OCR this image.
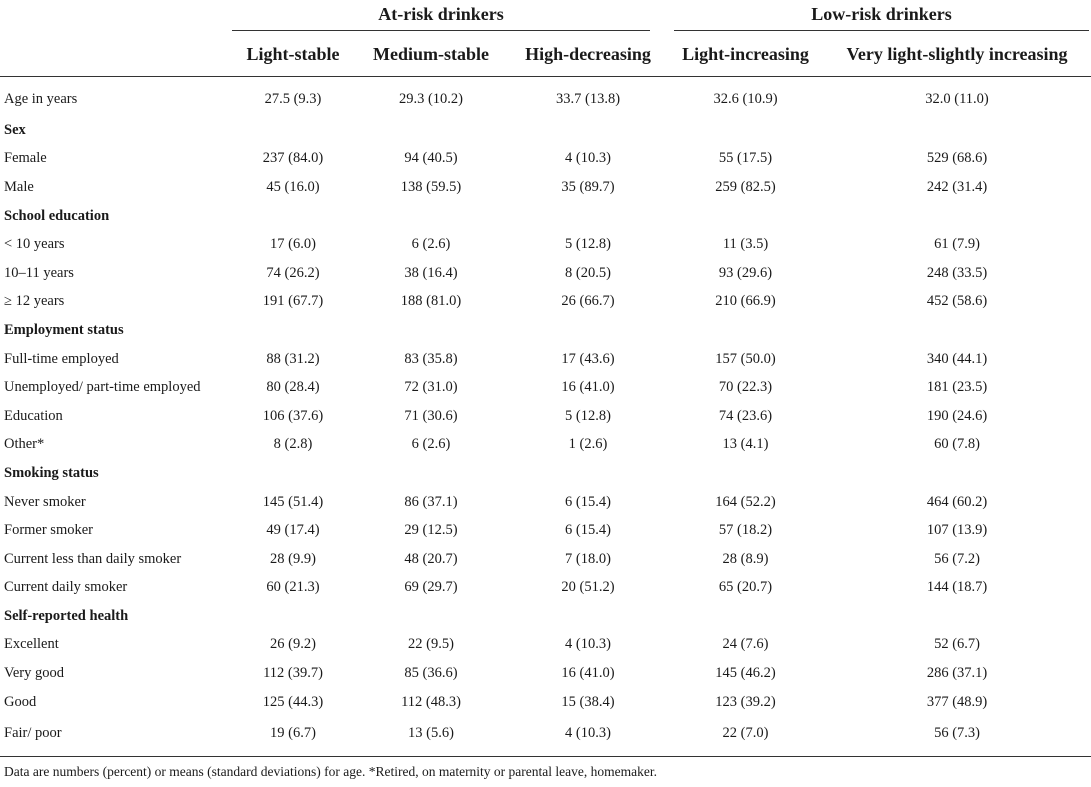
	At-risk drinkers			Low-risk drinkers	

	Light-stable	Medium-stable	High-decreasing	Light-increasing	Very light-slightly increasing
Age in years	27.5 (9.3)	29.3 (10.2)	33.7 (13.8)	32.6 (10.9)	32.0 (11.0)
Sex					
Female	237 (84.0)	94 (40.5)	4 (10.3)	55 (17.5)	529 (68.6)
Male	45 (16.0)	138 (59.5)	35 (89.7)	259 (82.5)	242 (31.4)
School education					
< 10 years	17 (6.0)	6 (2.6)	5 (12.8)	11 (3.5)	61 (7.9)
10–11 years	74 (26.2)	38 (16.4)	8 (20.5)	93 (29.6)	248 (33.5)
≥ 12 years	191 (67.7)	188 (81.0)	26 (66.7)	210 (66.9)	452 (58.6)
Employment status					
Full-time employed	88 (31.2)	83 (35.8)	17 (43.6)	157 (50.0)	340 (44.1)
Unemployed/ part-time employed	80 (28.4)	72 (31.0)	16 (41.0)	70 (22.3)	181 (23.5)
Education	106 (37.6)	71 (30.6)	5 (12.8)	74 (23.6)	190 (24.6)
Other*	8 (2.8)	6 (2.6)	1 (2.6)	13 (4.1)	60 (7.8)
Smoking status					
Never smoker	145 (51.4)	86 (37.1)	6 (15.4)	164 (52.2)	464 (60.2)
Former smoker	49 (17.4)	29 (12.5)	6 (15.4)	57 (18.2)	107 (13.9)
Current less than daily smoker	28 (9.9)	48 (20.7)	7 (18.0)	28 (8.9)	56 (7.2)
Current daily smoker	60 (21.3)	69 (29.7)	20 (51.2)	65 (20.7)	144 (18.7)
Self-reported health					
Excellent	26 (9.2)	22 (9.5)	4 (10.3)	24 (7.6)	52 (6.7)
Very good	112 (39.7)	85 (36.6)	16 (41.0)	145 (46.2)	286 (37.1)
Good	125 (44.3)	112 (48.3)	15 (38.4)	123 (39.2)	377 (48.9)
Fair/ poor	19 (6.7)	13 (5.6)	4 (10.3)	22 (7.0)	56 (7.3)
Data are numbers (percent) or means (standard deviations) for age. *Retired, on maternity or parental leave, homemaker.
